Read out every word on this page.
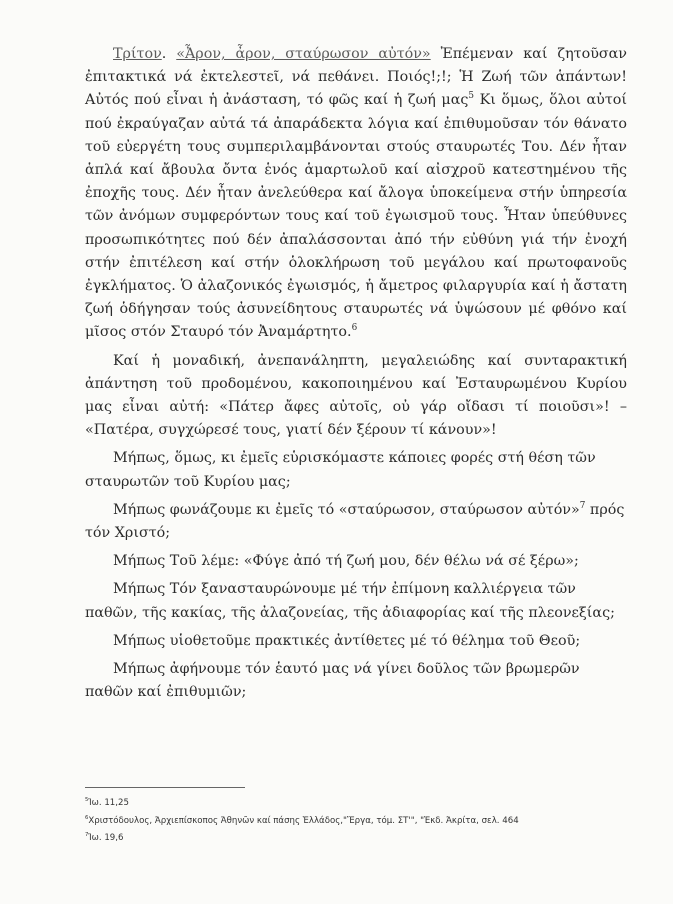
Τρίτον. «Ἆρον, ἆρον, σταύρωσον αὐτόν» Ἐπέμεναν καί ζητοῦσαν ἐπιτακτικά νά ἐκτελεστεῖ, νά πεθάνει. Ποιός!;!; Ἡ Ζωή τῶν ἁπάντων! Αὐτός πού εἶναι ἡ ἀνάσταση, τό φῶς καί ἡ ζωή μας$^5$ Κι ὅμως, ὅλοι αὐτοί πού ἐκραύγαζαν αὐτά τά ἀπαράδεκτα λόγια καί ἐπιθυμοῦσαν τόν θάνατο τοῦ εὐεργέτη τους συμπεριλαμβάνονται στούς σταυρωτές Του. Δέν ἦταν ἁπλά καί ἄβουλα ὄντα ἑνός ἁμαρτωλοῦ καί αἰσχροῦ κατεστημένου τῆς ἐποχῆς τους. Δέν ἦταν ἀνελεύθερα καί ἄλογα ὑποκείμενα στήν ὑπηρεσία τῶν ἀνόμων συμφερόντων τους καί τοῦ ἐγωισμοῦ τους. Ἦταν ὑπεύθυνες προσωπικότητες πού δέν ἀπαλάσσονται ἀπό τήν εὐθύνη γιά τήν ἐνοχή στήν ἐπιτέλεση καί στήν ὁλοκλήρωση τοῦ μεγάλου καί πρωτοφανοῦς ἐγκλήματος. Ὁ ἀλαζονικός ἐγωισμός, ἡ ἄμετρος φιλαργυρία καί ἡ ἄστατη ζωή ὁδήγησαν τούς ἀσυνείδητους σταυρωτές νά ὑψώσουν μέ φθόνο καί μῖσος στόν Σταυρό τόν Ἀναμάρτητο.$^6$

Καί ἡ μοναδική, ἀνεπανάληπτη, μεγαλειώδης καί συνταρακτική ἀπάντηση τοῦ προδομένου, κακοποιημένου καί Ἐσταυρωμένου Κυρίου μας εἶναι αὐτή: «Πάτερ ἄφες αὐτοῖς, οὐ γάρ οἴδασι τί ποιοῦσι»! – «Πατέρα, συγχώρεσέ τους, γιατί δέν ξέρουν τί κάνουν»!

Μήπως, ὅμως, κι ἐμεῖς εὑρισκόμαστε κάποιες φορές στή θέση τῶν σταυρωτῶν τοῦ Κυρίου μας;

Μήπως φωνάζουμε κι ἐμεῖς τό «σταύρωσον, σταύρωσον αὐτόν»$^7$ πρός τόν Χριστό;

Μήπως Τοῦ λέμε: «Φύγε ἀπό τή ζωή μου, δέν θέλω νά σέ ξέρω»;

Μήπως Τόν ξανασταυρώνουμε μέ τήν ἐπίμονη καλλιέργεια τῶν παθῶν, τῆς κακίας, τῆς ἀλαζονείας, τῆς ἀδιαφορίας καί τῆς πλεονεξίας;

Μήπως υἱοθετοῦμε πρακτικές ἀντίθετες μέ τό θέλημα τοῦ Θεοῦ;

Μήπως ἀφήνουμε τόν ἑαυτό μας νά γίνει δοῦλος τῶν βρωμερῶν παθῶν καί ἐπιθυμιῶν;

$^5$Ἰω. 11,25
$^6$Χριστόδουλος, Ἀρχιεπίσκοπος Ἀθηνῶν καί πάσης Ἑλλάδος,"Ἔργα, τόμ. ΣΤ'", "Ἐκδ. Ἀκρίτα, σελ. 464
$^7$Ἰω. 19,6
